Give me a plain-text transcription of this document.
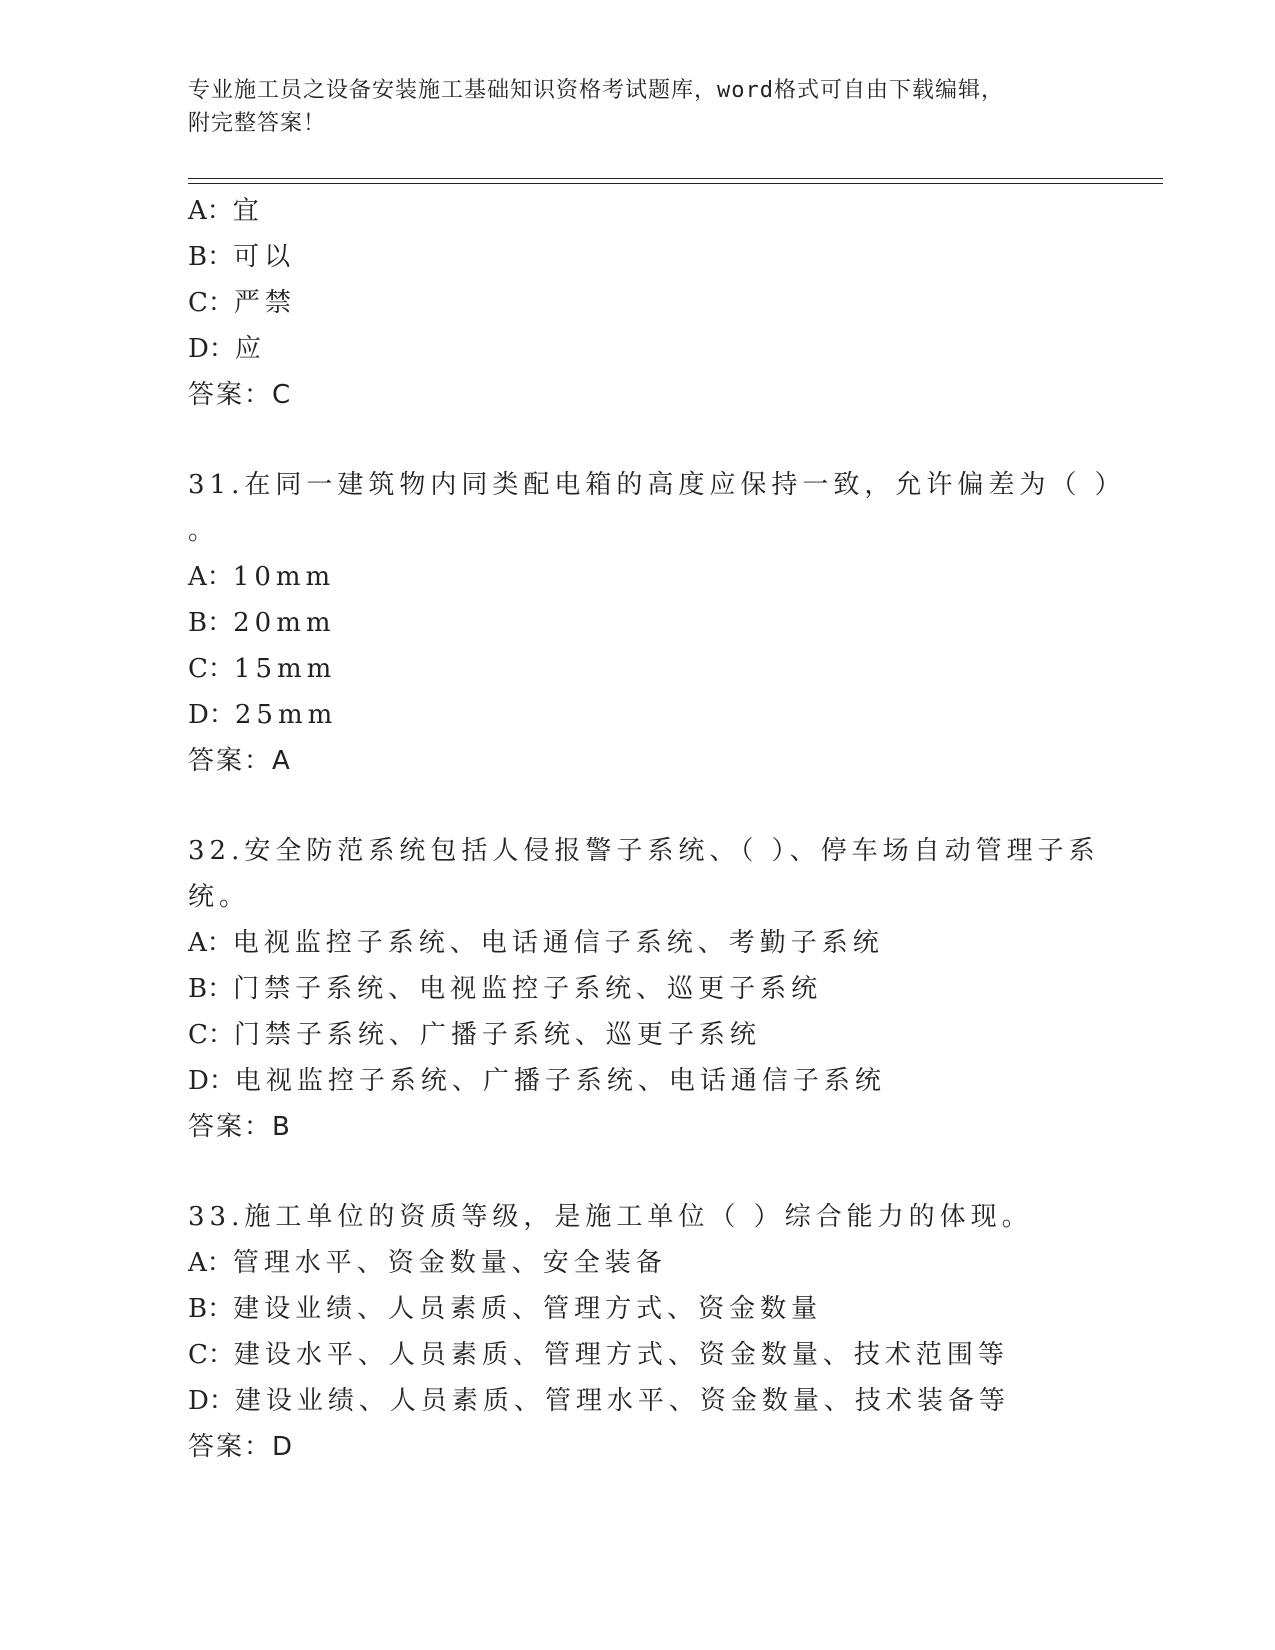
专业施工员之设备安装施工基础知识资格考试题库，word格式可自由下载编辑，
附完整答案！
A：宜
B：可以
C：严禁
D：应
答案：C
31.在同一建筑物内同类配电箱的高度应保持一致，允许偏差为（ ）
。
A：10mm
B：20mm
C：15mm
D：25mm
答案：A
32.安全防范系统包括人侵报警子系统、（ ）、停车场自动管理子系
统。
A：电视监控子系统、电话通信子系统、考勤子系统
B：门禁子系统、电视监控子系统、巡更子系统
C：门禁子系统、广播子系统、巡更子系统
D：电视监控子系统、广播子系统、电话通信子系统
答案：B
33.施工单位的资质等级，是施工单位（ ）综合能力的体现。
A：管理水平、资金数量、安全装备
B：建设业绩、人员素质、管理方式、资金数量
C：建设水平、人员素质、管理方式、资金数量、技术范围等
D：建设业绩、人员素质、管理水平、资金数量、技术装备等
答案：D
